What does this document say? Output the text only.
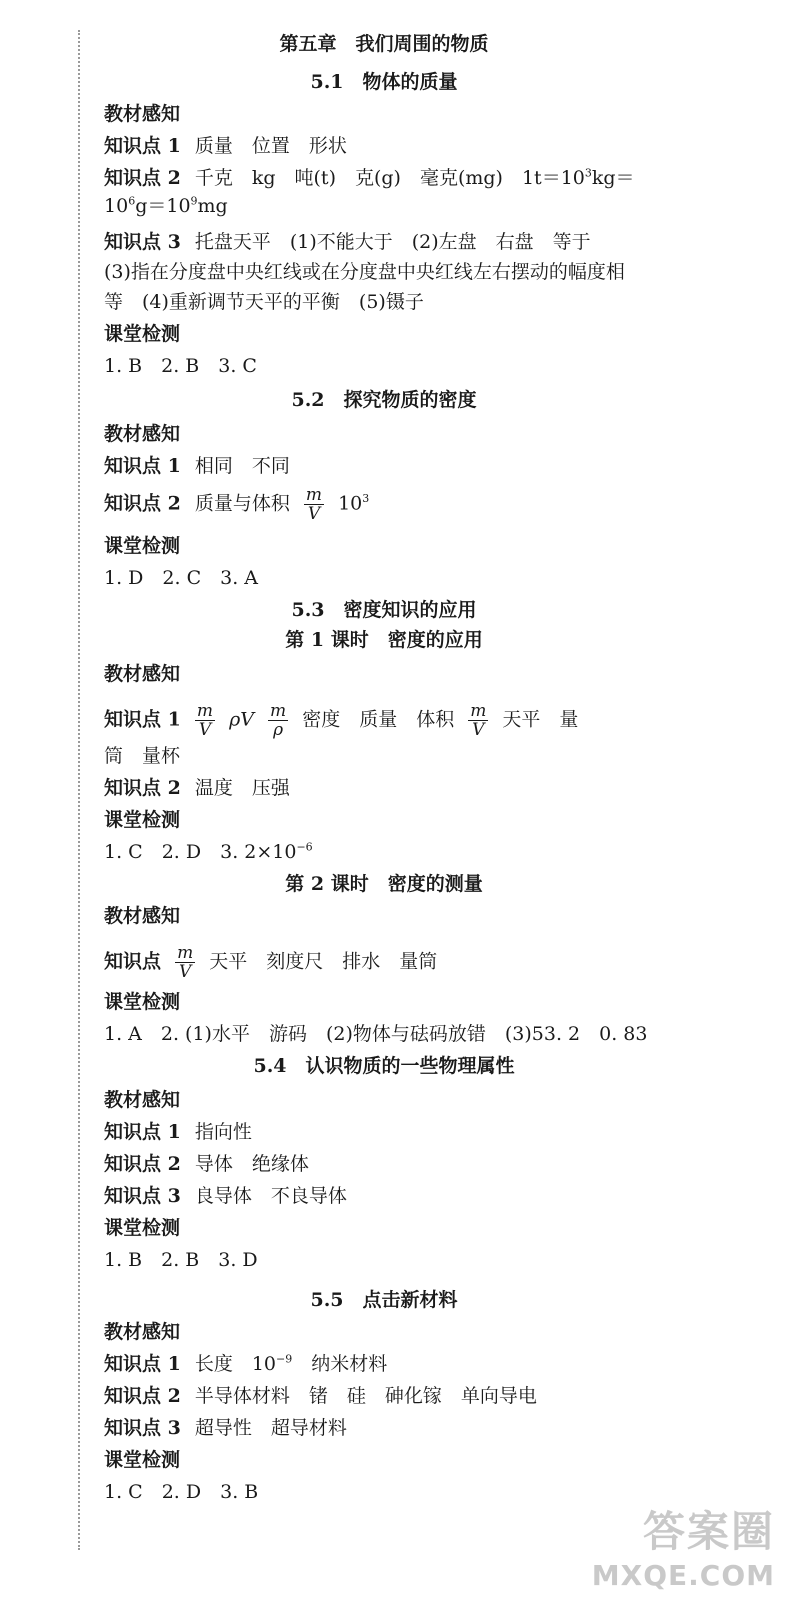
第五章　我们周围的物质
5.1　物体的质量
教材感知
知识点 1 质量　位置　形状
知识点 2 千克　kg　吨(t)　克(g)　毫克(mg)　$1t=10^3kg=$
$10^6g=10^9mg$
知识点 3 托盘天平　(1)不能大于　(2)左盘　右盘　等于
(3)指在分度盘中央红线或在分度盘中央红线左右摆动的幅度相
等　(4)重新调节天平的平衡　(5)镊子
课堂检测
1. B　2. B　3. C
5.2　探究物质的密度
教材感知
知识点 1 相同　不同
知识点 2 质量与体积 $\frac{m}{V} 10^3$
课堂检测
1. D　2. C　3. A
5.3　密度知识的应用
第 1 课时　密度的应用
教材感知
知识点 $1 \frac{m}{V}$ ρV $\frac{m}{\rho}$ 密度　质量　体积 $\frac{m}{V}$ 天平　量
筒　量杯
知识点 2 温度　压强
课堂检测
1. C　2. D　3. $2\times 10^{-6}$
第 2 课时　密度的测量
教材感知
知识点 $\frac{m}{V}$ 天平　刻度尺　排水　量筒
课堂检测
1. A　2. (1)水平　游码　(2)物体与砝码放错　(3)53. 2　0. 83
5.4　认识物质的一些物理属性
教材感知
知识点 1 指向性
知识点 2 导体　绝缘体
知识点 3 良导体　不良导体
课堂检测
1. B　2. B　3. D
5.5　点击新材料
教材感知
知识点 1 长度　$10^{-9}$　纳米材料
知识点 2 半导体材料　锗　硅　砷化镓　单向导电
知识点 3 超导性　超导材料
课堂检测
1. C　2. D　3. B
答案圈
MXQE.COM
